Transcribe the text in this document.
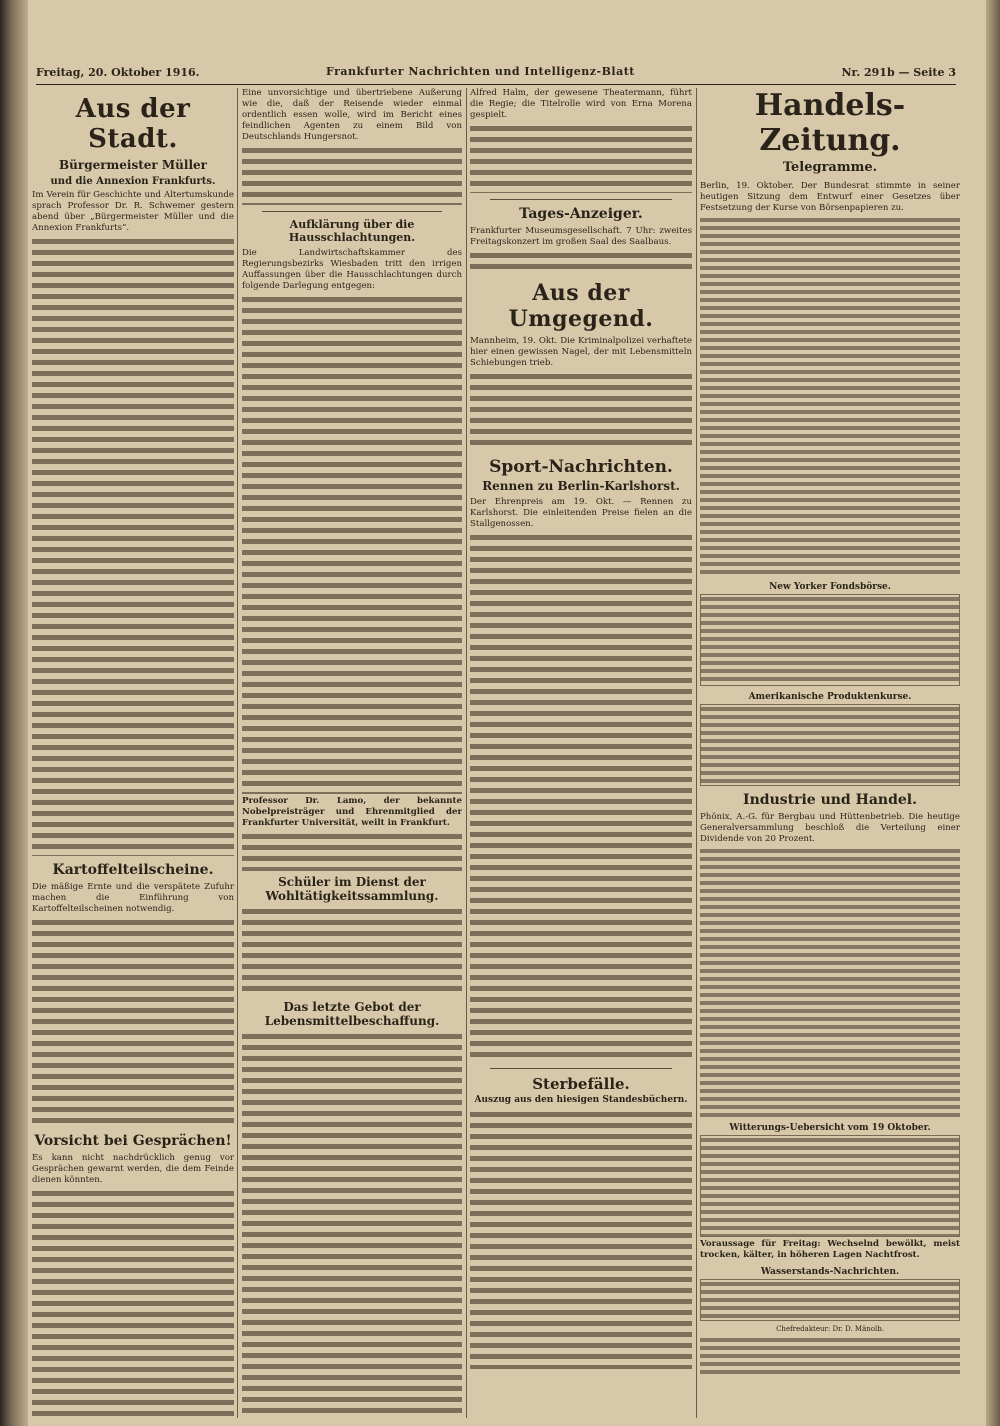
Freitag, 20. Oktober 1916.	Frankfurter Nachrichten und Intelligenz-Blatt	Nr. 291b — Seite 3
Aus der Stadt.
Bürgermeister Müller
und die Annexion Frankfurts.

Im Verein für Geschichte und Altertumskunde sprach Professor Dr. R. Schwemer gestern abend über „Bürgermeister Müller und die Annexion Frankfurts“.

Kartoffelteilscheine.

Die mäßige Ernte und die verspätete Zufuhr machen die Einführung von Kartoffelteilscheinen notwendig.

Vorsicht bei Gesprächen!

Es kann nicht nachdrücklich genug vor Gesprächen gewarnt werden, die dem Feinde dienen könnten.

Eine unvorsichtige und übertriebene Äußerung wie die, daß der Reisende wieder einmal ordentlich essen wolle, wird im Bericht eines feindlichen Agenten zu einem Bild von Deutschlands Hungersnot.

Aufklärung über die Hausschlachtungen.

Die Landwirtschaftskammer des Regierungsbezirks Wiesbaden tritt den irrigen Auffassungen über die Hausschlachtungen durch folgende Darlegung entgegen:

Professor Dr. Lamo, der bekannte Nobelpreisträger und Ehrenmitglied der Frankfurter Universität, weilt in Frankfurt.

Schüler im Dienst der Wohltätigkeitssammlung.
Das letzte Gebot der Lebensmittelbeschaffung.

Alfred Halm, der gewesene Theatermann, führt die Regie; die Titelrolle wird von Erna Morena gespielt.

Tages-Anzeiger.

Frankfurter Museumsgesellschaft. 7 Uhr: zweites Freitagskonzert im großen Saal des Saalbaus.

Aus der Umgegend.

Mannheim, 19. Okt. Die Kriminalpolizei verhaftete hier einen gewissen Nagel, der mit Lebensmitteln Schiebungen trieb.

Sport-Nachrichten.
Rennen zu Berlin-Karlshorst.

Der Ehrenpreis am 19. Okt. — Rennen zu Karlshorst. Die einleitenden Preise fielen an die Stallgenossen.

Sterbefälle.
Auszug aus den hiesigen Standesbüchern.
Handels-Zeitung.
Telegramme.

Berlin, 19. Oktober. Der Bundesrat stimmte in seiner heutigen Sitzung dem Entwurf einer Gesetzes über Festsetzung der Kurse von Börsenpapieren zu.

New Yorker Fondsbörse.
Amerikanische Produktenkurse.
Industrie und Handel.

Phönix, A.-G. für Bergbau und Hüttenbetrieb. Die heutige Generalversammlung beschloß die Verteilung einer Dividende von 20 Prozent.

Witterungs-Uebersicht vom 19 Oktober.

Voraussage für Freitag: Wechselnd bewölkt, meist trocken, kälter, in höheren Lagen Nachtfrost.

Wasserstands-Nachrichten.
Chefredakteur: Dr. D. Mänolb.
